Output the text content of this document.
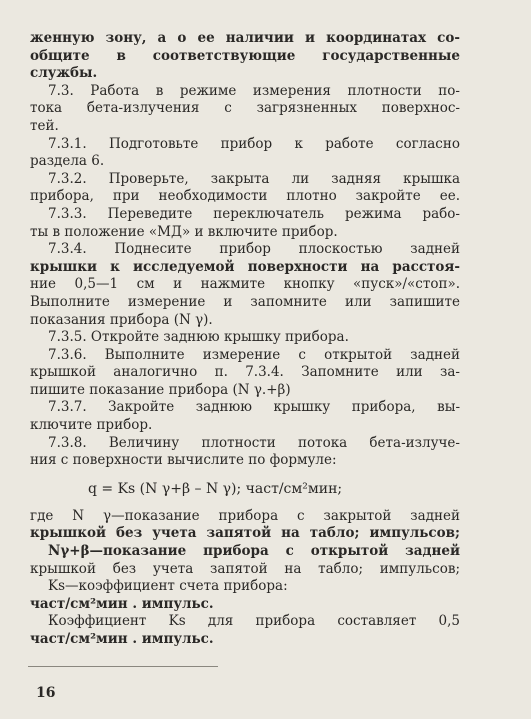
женную зону, а о ее наличии и координатах со-
общите в соответствующие государственные
службы.
7.3. Работа в режиме измерения плотности по-
тока бета-излучения с загрязненных поверхнос-
тей.
7.3.1. Подготовьте прибор к работе согласно
раздела 6.
7.3.2. Проверьте, закрыта ли задняя крышка
прибора, при необходимости плотно закройте ее.
7.3.3. Переведите переключатель режима рабо-
ты в положение «МД» и включите прибор.
7.3.4. Поднесите прибор плоскостью задней
крышки к исследуемой поверхности на расстоя-
ние 0,5—1 см и нажмите кнопку «пуск»/«стоп».
Выполните измерение и запомните или запишите
показания прибора (N γ).
7.3.5. Откройте заднюю крышку прибора.
7.3.6. Выполните измерение с открытой задней
крышкой аналогично п. 7.3.4. Запомните или за-
пишите показание прибора (N γ.+β)
7.3.7. Закройте заднюю крышку прибора, вы-
ключите прибор.
7.3.8. Величину плотности потока бета-излуче-
ния с поверхности вычислите по формуле:
q = Ks (N γ+β – N γ); част/см²мин;
где N γ—показание прибора с закрытой задней
крышкой без учета запятой на табло; импульсов;
Nγ+β—показание прибора с открытой задней
крышкой без учета запятой на табло; импульсов;
Ks—коэффициент счета прибора:
част/см²мин . импульс.
Коэффициент Ks для прибора составляет 0,5
част/см²мин . импульс.
16
